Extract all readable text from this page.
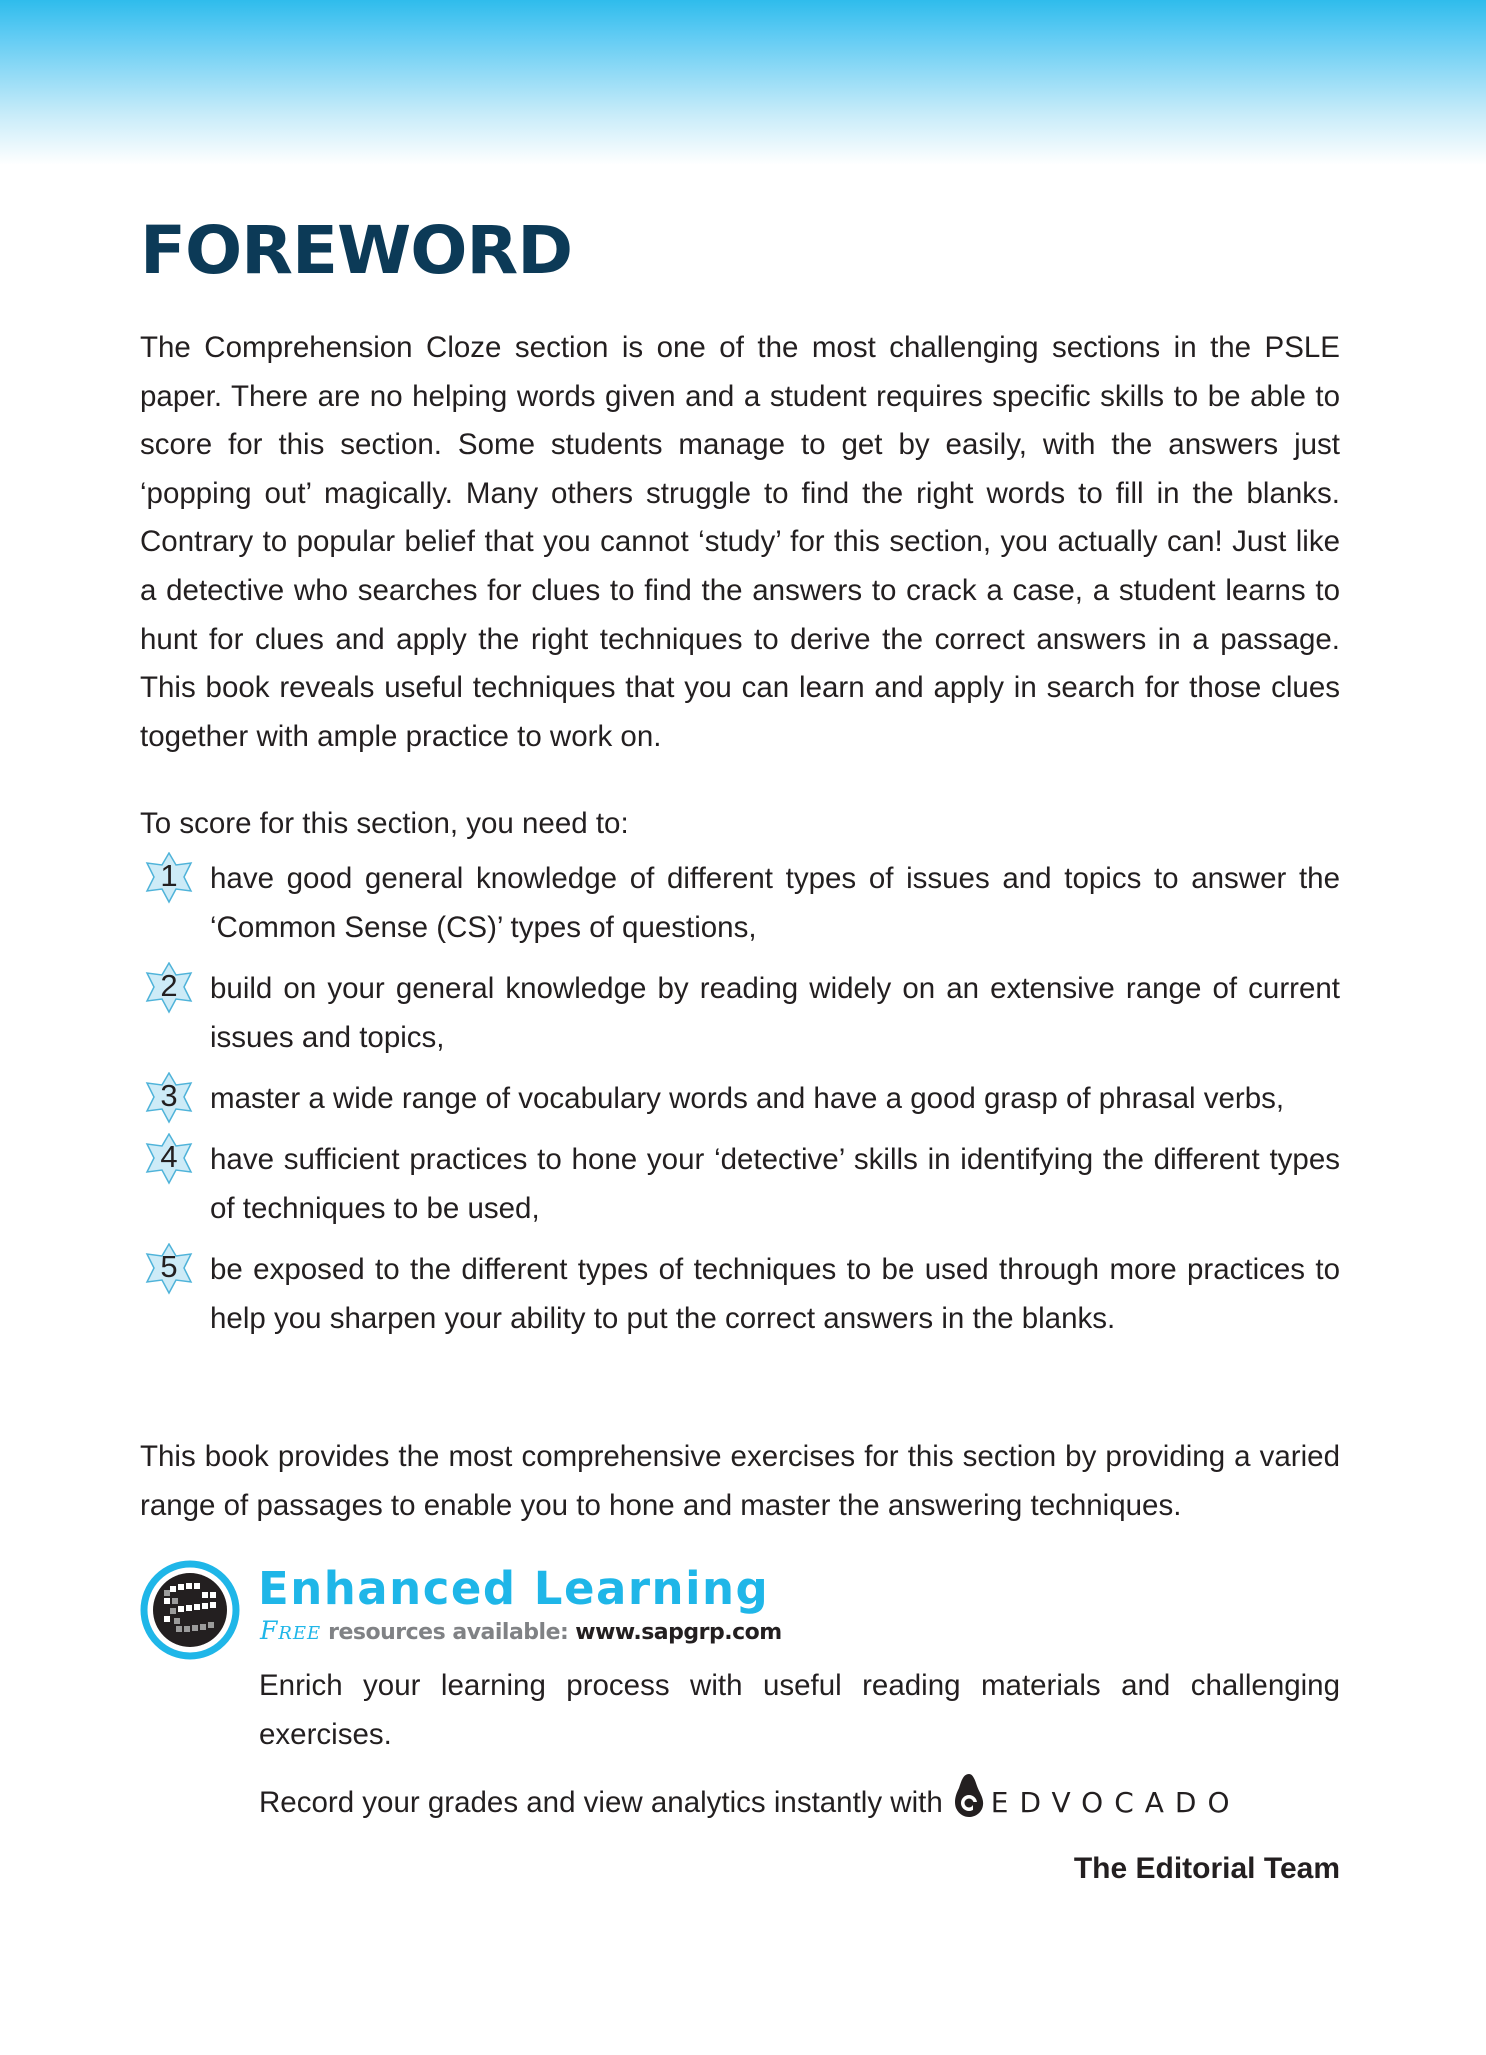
FOREWORD

The Comprehension Cloze section is one of the most challenging sections in the PSLE paper. There are no helping words given and a student requires specific skills to be able to score for this section. Some students manage to get by easily, with the answers just ‘popping out’ magically. Many others struggle to find the right words to fill in the blanks. Contrary to popular belief that you cannot ‘study’ for this section, you actually can! Just like a detective who searches for clues to find the answers to crack a case, a student learns to hunt for clues and apply the right techniques to derive the correct answers in a passage. This book reveals useful techniques that you can learn and apply in search for those clues together with ample practice to work on.

To score for this section, you need to:
1	have good general knowledge of different types of issues and topics to answer the ‘Common Sense (CS)’ types of questions,
2	build on your general knowledge by reading widely on an extensive range of current issues and topics,
3	master a wide range of vocabulary words and have a good grasp of phrasal verbs,
4	have sufficient practices to hone your ‘detective’ skills in identifying the different types of techniques to be used,
5	be exposed to the different types of techniques to be used through more practices to help you sharpen your ability to put the correct answers in the blanks.

This book provides the most comprehensive exercises for this section by providing a varied range of passages to enable you to hone and master the answering techniques.

Enhanced Learning
Free resources available: www.sapgrp.com

Enrich your learning process with useful reading materials and challenging exercises.

Record your grades and view analytics instantly with EDVOCADO
The Editorial Team
